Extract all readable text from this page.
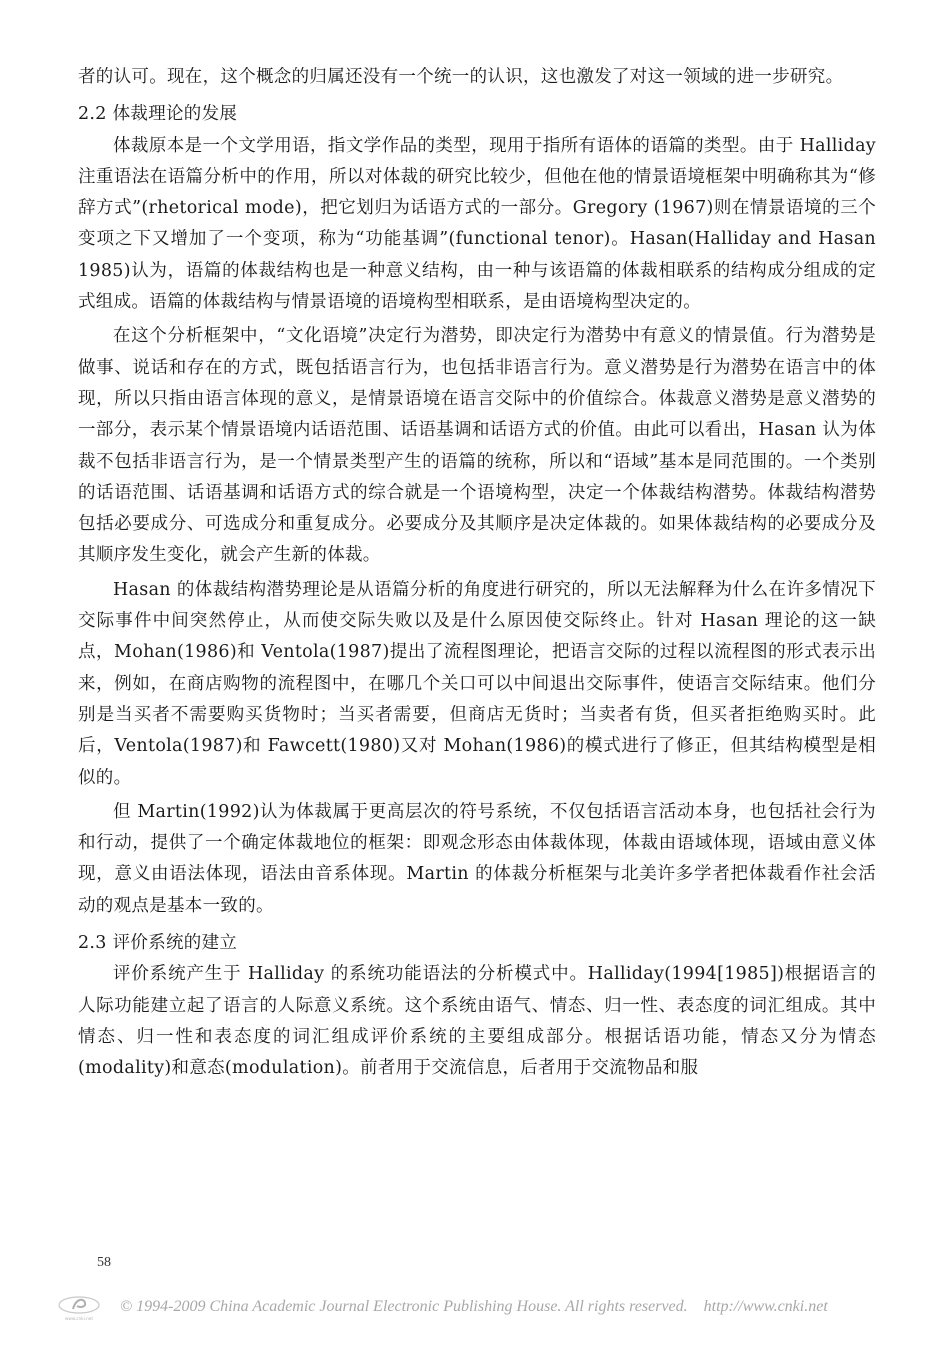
者的认可。现在，这个概念的归属还没有一个统一的认识，这也激发了对这一领域的进一步研究。

2.2 体裁理论的发展

体裁原本是一个文学用语，指文学作品的类型，现用于指所有语体的语篇的类型。由于 Halliday 注重语法在语篇分析中的作用，所以对体裁的研究比较少，但他在他的情景语境框架中明确称其为“修辞方式”(rhetorical mode)，把它划归为话语方式的一部分。Gregory (1967)则在情景语境的三个变项之下又增加了一个变项，称为“功能基调”(functional tenor)。Hasan(Halliday and Hasan 1985)认为，语篇的体裁结构也是一种意义结构，由一种与该语篇的体裁相联系的结构成分组成的定式组成。语篇的体裁结构与情景语境的语境构型相联系，是由语境构型决定的。

在这个分析框架中，“文化语境”决定行为潜势，即决定行为潜势中有意义的情景值。行为潜势是做事、说话和存在的方式，既包括语言行为，也包括非语言行为。意义潜势是行为潜势在语言中的体现，所以只指由语言体现的意义，是情景语境在语言交际中的价值综合。体裁意义潜势是意义潜势的一部分，表示某个情景语境内话语范围、话语基调和话语方式的价值。由此可以看出，Hasan 认为体裁不包括非语言行为，是一个情景类型产生的语篇的统称，所以和“语域”基本是同范围的。一个类别的话语范围、话语基调和话语方式的综合就是一个语境构型，决定一个体裁结构潜势。体裁结构潜势包括必要成分、可选成分和重复成分。必要成分及其顺序是决定体裁的。如果体裁结构的必要成分及其顺序发生变化，就会产生新的体裁。

Hasan 的体裁结构潜势理论是从语篇分析的角度进行研究的，所以无法解释为什么在许多情况下交际事件中间突然停止，从而使交际失败以及是什么原因使交际终止。针对 Hasan 理论的这一缺点，Mohan(1986)和 Ventola(1987)提出了流程图理论，把语言交际的过程以流程图的形式表示出来，例如，在商店购物的流程图中，在哪几个关口可以中间退出交际事件，使语言交际结束。他们分别是当买者不需要购买货物时；当买者需要，但商店无货时；当卖者有货，但买者拒绝购买时。此后，Ventola(1987)和 Fawcett(1980)又对 Mohan(1986)的模式进行了修正，但其结构模型是相似的。

但 Martin(1992)认为体裁属于更高层次的符号系统，不仅包括语言活动本身，也包括社会行为和行动，提供了一个确定体裁地位的框架：即观念形态由体裁体现，体裁由语域体现，语域由意义体现，意义由语法体现，语法由音系体现。Martin 的体裁分析框架与北美许多学者把体裁看作社会活动的观点是基本一致的。

2.3 评价系统的建立

评价系统产生于 Halliday 的系统功能语法的分析模式中。Halliday(1994[1985])根据语言的人际功能建立起了语言的人际意义系统。这个系统由语气、情态、归一性、表态度的词汇组成。其中情态、归一性和表态度的词汇组成评价系统的主要组成部分。根据话语功能，情态又分为情态(modality)和意态(modulation)。前者用于交流信息，后者用于交流物品和服

58
www.cnki.net
© 1994-2009 China Academic Journal Electronic Publishing House. All rights reserved. http://www.cnki.net
